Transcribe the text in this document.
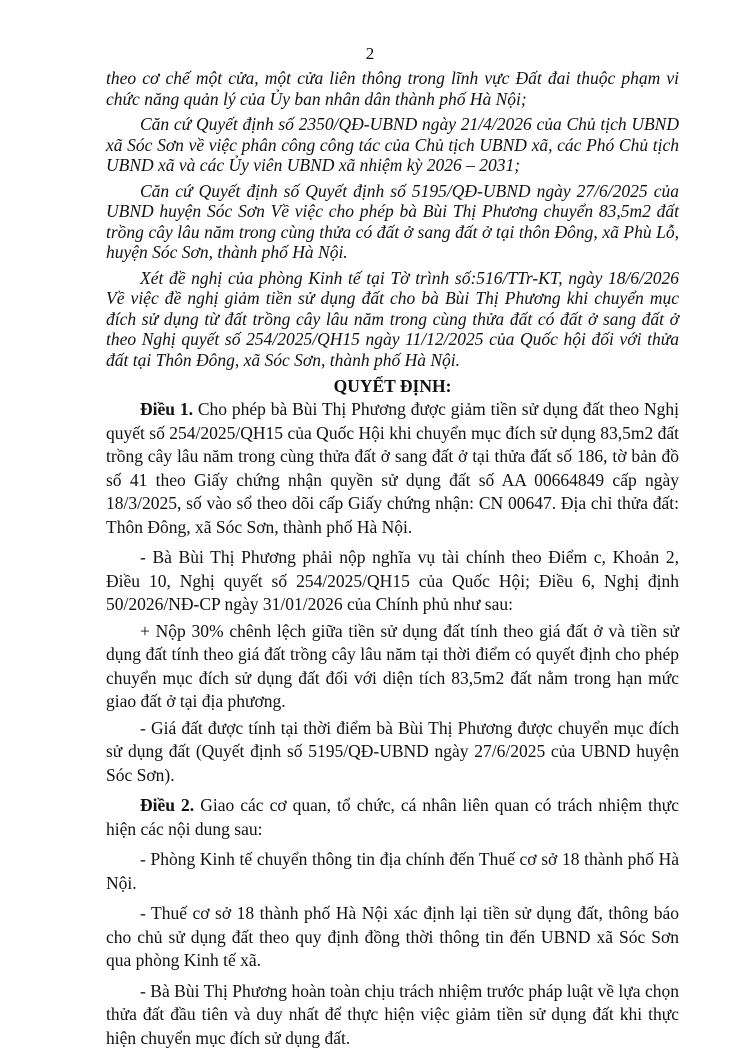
2

theo cơ chế một cửa, một cửa liên thông trong lĩnh vực Đất đai thuộc phạm vi chức năng quản lý của Ủy ban nhân dân thành phố Hà Nội;

Căn cứ Quyết định số 2350/QĐ-UBND ngày 21/4/2026 của Chủ tịch UBND xã Sóc Sơn về việc phân công công tác của Chủ tịch UBND xã, các Phó Chủ tịch UBND xã và các Ủy viên UBND xã nhiệm kỳ 2026 – 2031;

Căn cứ Quyết định số Quyết định số 5195/QĐ-UBND ngày 27/6/2025 của UBND huyện Sóc Sơn Về việc cho phép bà Bùi Thị Phương chuyển 83,5m2 đất trồng cây lâu năm trong cùng thửa có đất ở sang đất ở tại thôn Đông, xã Phù Lỗ, huyện Sóc Sơn, thành phố Hà Nội.

Xét đề nghị của phòng Kinh tế tại Tờ trình số:516/TTr-KT, ngày 18/6/2026 Về việc đề nghị giảm tiền sử dụng đất cho bà Bùi Thị Phương khi chuyển mục đích sử dụng từ đất trồng cây lâu năm trong cùng thửa đất có đất ở sang đất ở theo Nghị quyết số 254/2025/QH15 ngày 11/12/2025 của Quốc hội đối với thửa đất tại Thôn Đông, xã Sóc Sơn, thành phố Hà Nội.

QUYẾT ĐỊNH:

Điều 1. Cho phép bà Bùi Thị Phương được giảm tiền sử dụng đất theo Nghị quyết số 254/2025/QH15 của Quốc Hội khi chuyển mục đích sử dụng 83,5m2 đất trồng cây lâu năm trong cùng thửa đất ở sang đất ở tại thửa đất số 186, tờ bản đồ số 41 theo Giấy chứng nhận quyền sử dụng đất số AA 00664849 cấp ngày 18/3/2025, số vào sổ theo dõi cấp Giấy chứng nhận: CN 00647. Địa chỉ thửa đất: Thôn Đông, xã Sóc Sơn, thành phố Hà Nội.

- Bà Bùi Thị Phương phải nộp nghĩa vụ tài chính theo Điểm c, Khoản 2, Điều 10, Nghị quyết số 254/2025/QH15 của Quốc Hội; Điều 6, Nghị định 50/2026/NĐ-CP ngày 31/01/2026 của Chính phủ như sau:

+ Nộp 30% chênh lệch giữa tiền sử dụng đất tính theo giá đất ở và tiền sử dụng đất tính theo giá đất trồng cây lâu năm tại thời điểm có quyết định cho phép chuyển mục đích sử dụng đất đối với diện tích 83,5m2 đất nằm trong hạn mức giao đất ở tại địa phương.

- Giá đất được tính tại thời điểm bà Bùi Thị Phương được chuyển mục đích sử dụng đất (Quyết định số 5195/QĐ-UBND ngày 27/6/2025 của UBND huyện Sóc Sơn).

Điều 2. Giao các cơ quan, tổ chức, cá nhân liên quan có trách nhiệm thực hiện các nội dung sau:

- Phòng Kinh tế chuyển thông tin địa chính đến Thuế cơ sở 18 thành phố Hà Nội.

- Thuế cơ sở 18 thành phố Hà Nội xác định lại tiền sử dụng đất, thông báo cho chủ sử dụng đất theo quy định đồng thời thông tin đến UBND xã Sóc Sơn qua phòng Kinh tế xã.

- Bà Bùi Thị Phương hoàn toàn chịu trách nhiệm trước pháp luật về lựa chọn thửa đất đầu tiên và duy nhất để thực hiện việc giảm tiền sử dụng đất khi thực hiện chuyển mục đích sử dụng đất.
